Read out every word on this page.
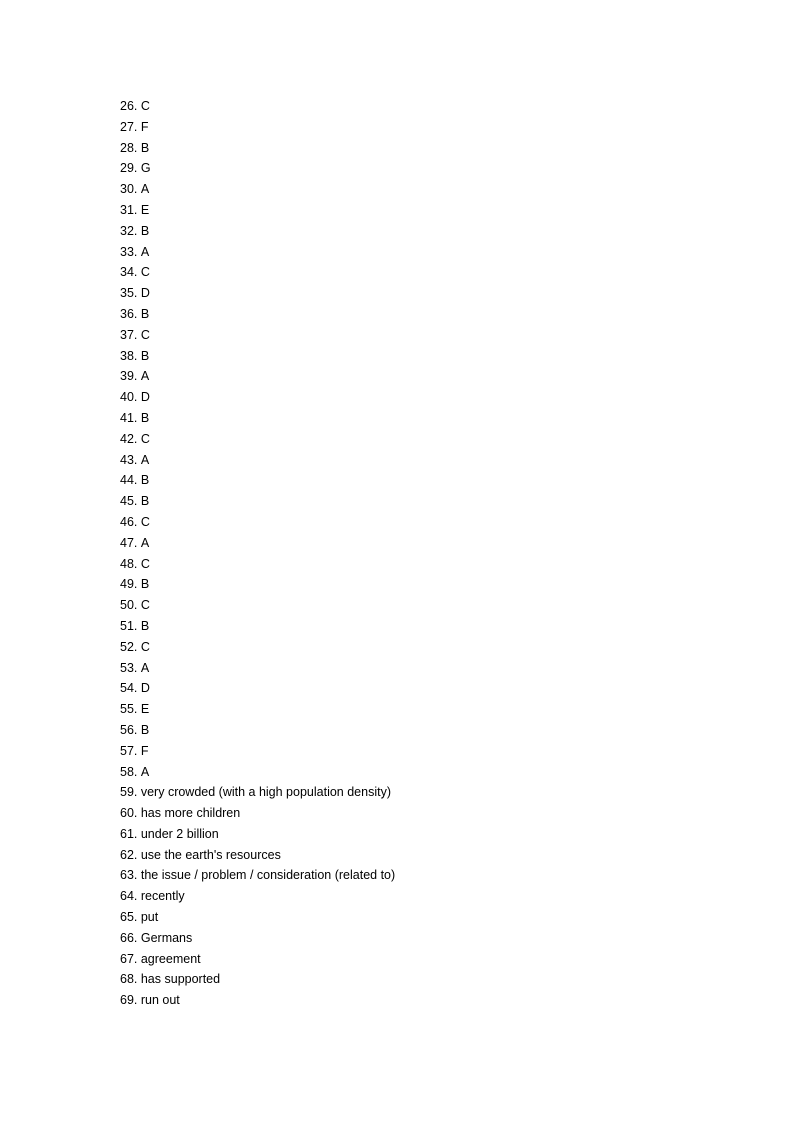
26 . C
27 . F
28 . B
29 . G
30 . A
31 . E
32 . B
33 . A
34 . C
35 . D
36 . B
37 . C
38 . B
39 . A
40 . D
41 . B
42 . C
43 . A
44 . B
45 . B
46 . C
47 . A
48 . C
49 . B
50 . C
51 . B
52 . C
53 . A
54 . D
55 . E
56 . B
57 . F
58 . A
59 . very crowded (with a high population density)
60 . has more children
61 . under 2 billion
62 . use the earth's resources
63 . the issue / problem / consideration (related to)
64 . recently
65 . put
66 . Germans
67 . agreement
68 . has supported
69 . run out
